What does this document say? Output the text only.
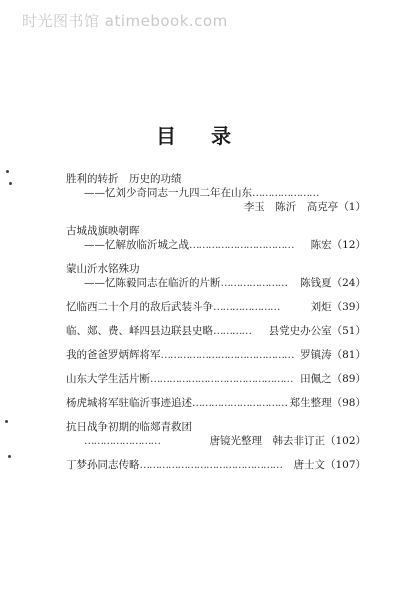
时光图书馆 atimebook.com
目 录
胜利的转折　历史的功绩
——忆刘少奇同志一九四二年在山东 …………………
李玉　陈沂　高克亭 （1）
古城战旗映朝晖
——忆解放临沂城之战 ……………………………	陈宏 （12）
蒙山沂水铭殊功
——忆陈毅同志在临沂的片断 …………………	陈钱夏 （24）
忆临西二十个月的敌后武装斗争 …………………	刘炬 （39）
临、郯、费、峄四县边联县史略 …………	县党史办公室 （51）
我的爸爸罗炳辉将军 …………………………………… 罗镇涛 （81）
山东大学生活片断 ……………………………………… 田佩之 （89）
杨虎城将军驻临沂事迹追述 ………………………… 郑生整理 （98）
抗日战争初期的临郯青救团
……………………	唐镜光整理　韩去非订正 （102）
丁梦孙同志传略 ………………………………………	唐士文 （107）
